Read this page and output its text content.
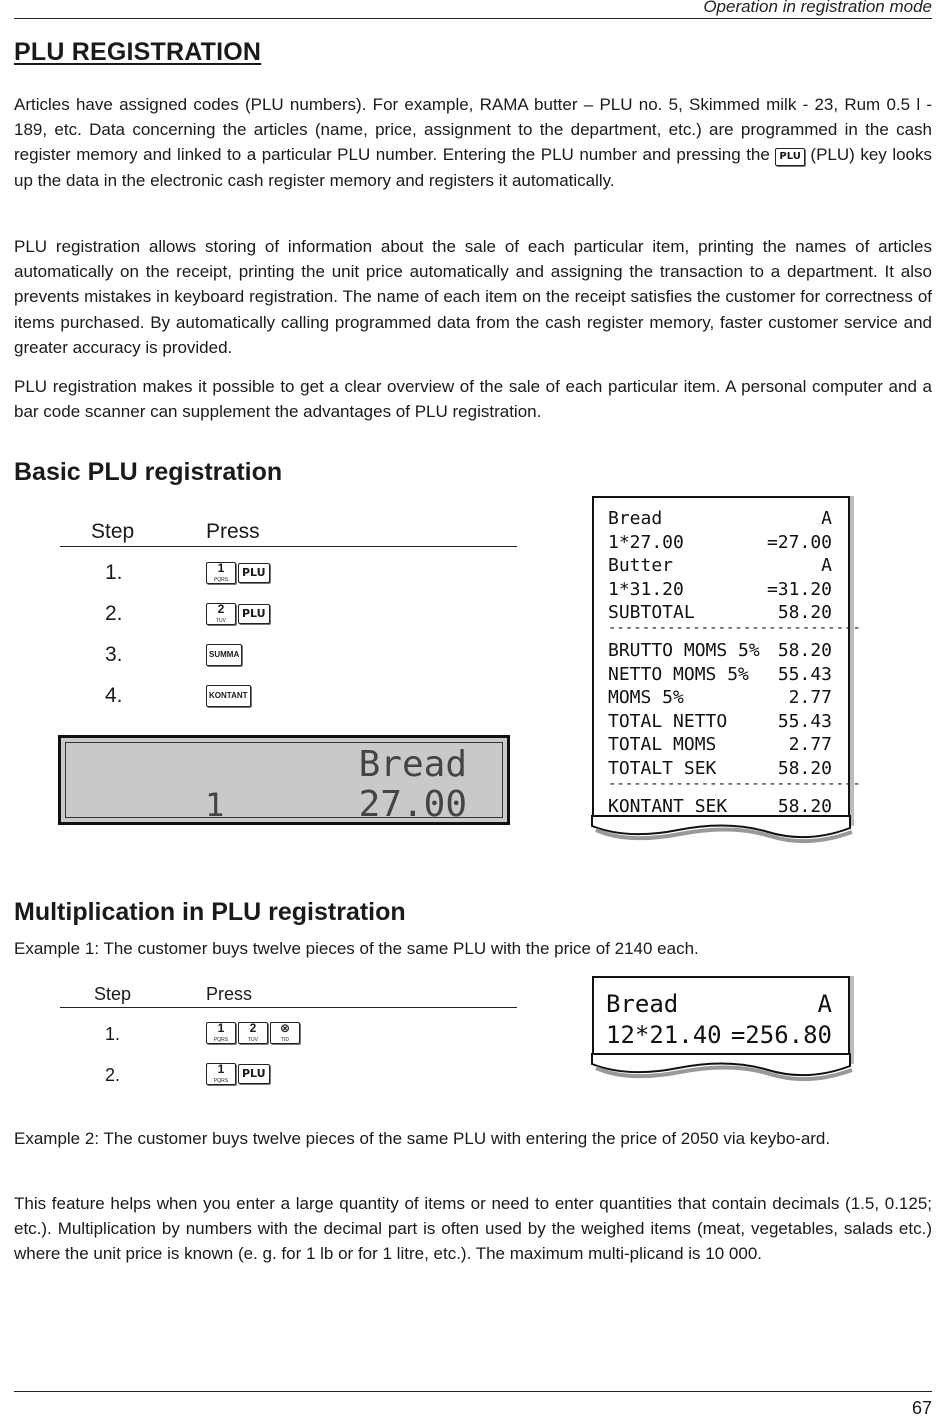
Operation in registration mode
PLU REGISTRATION

Articles have assigned codes (PLU numbers). For example, RAMA butter – PLU no. 5, Skimmed milk - 23, Rum 0.5 l - 189, etc. Data concerning the articles (name, price, assignment to the department, etc.) are programmed in the cash register memory and linked to a particular PLU number. Entering the PLU number and pressing the PLU (PLU) key looks up the data in the electronic cash register memory and registers it automatically.

PLU registration allows storing of information about the sale of each particular item, printing the names of articles automatically on the receipt, printing the unit price automatically and assigning the transaction to a department. It also prevents mistakes in keyboard registration. The name of each item on the receipt satisfies the customer for correctness of items purchased. By automatically calling programmed data from the cash register memory, faster customer service and greater accuracy is provided.

PLU registration makes it possible to get a clear overview of the sale of each particular item. A personal computer and a bar code scanner can supplement the advantages of PLU registration.

Basic PLU registration
Step	Press
1.	1
PQRS
PLU
2.	2
TUV
PLU
3.	SUMMA
4.	KONTANT
Bread
1	27.00
Bread	A
1*27.00	=27.00
Butter	A
1*31.20	=31.20
SUBTOTAL	58.20
------------------------------
BRUTTO MOMS 5% 58.20
NETTO MOMS 5% 55.43
MOMS 5%	2.77
TOTAL NETTO	55.43
TOTAL MOMS	2.77
TOTALT SEK	58.20
------------------------------
KONTANT SEK	58.20
Multiplication in PLU registration

Example 1: The customer buys twelve pieces of the same PLU with the price of 2140 each.

Step	Press
1.	1
PQRS
2
TUV
⊗
TID
2.	1
PQRS
PLU
Bread	A
12*21.40 =256.80

Example 2: The customer buys twelve pieces of the same PLU with entering the price of 2050 via keybo-ard.

This feature helps when you enter a large quantity of items or need to enter quantities that contain decimals (1.5, 0.125; etc.). Multiplication by numbers with the decimal part is often used by the weighed items (meat, vegetables, salads etc.) where the unit price is known (e. g. for 1 lb or for 1 litre, etc.). The maximum multi-plicand is 10 000.

67
